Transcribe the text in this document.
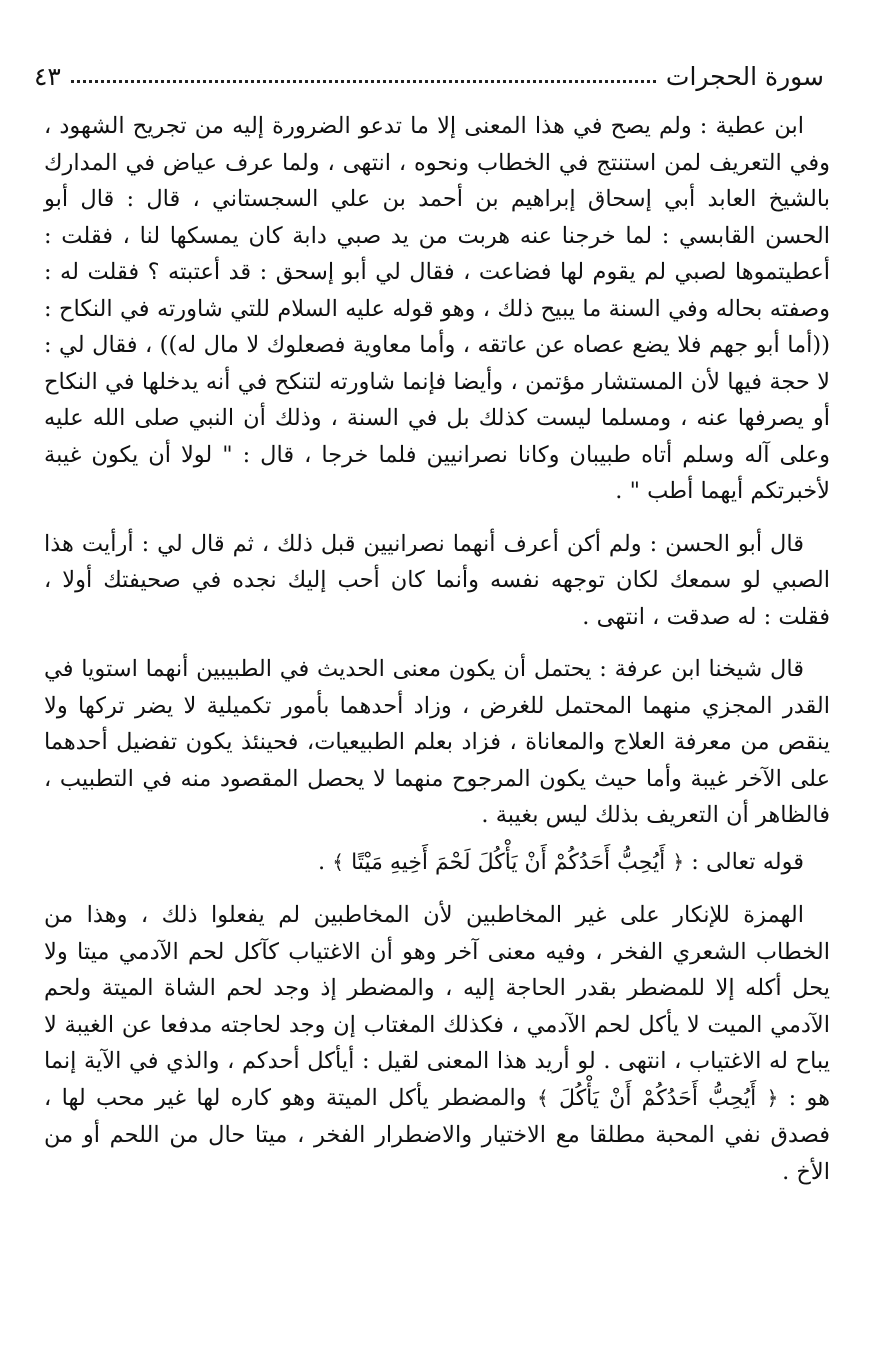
سورة الحجرات
٤٣

ابن عطية : ولم يصح في هذا المعنى إلا ما تدعو الضرورة إليه من تجريح الشهود ، وفي التعريف لمن استنتج في الخطاب ونحوه ، انتهى ، ولما عرف عياض في المدارك بالشيخ العابد أبي إسحاق إبراهيم بن أحمد بن علي السجستاني ، قال : قال أبو الحسن القابسي : لما خرجنا عنه هربت من يد صبي دابة كان يمسكها لنا ، فقلت : أعطيتموها لصبي لم يقوم لها فضاعت ، فقال لي أبو إسحق : قد أعتبته ؟ فقلت له : وصفته بحاله وفي السنة ما يبيح ذلك ، وهو قوله عليه السلام للتي شاورته في النكاح : ((أما أبو جهم فلا يضع عصاه عن عاتقه ، وأما معاوية فصعلوك لا مال له)) ، فقال لي : لا حجة فيها لأن المستشار مؤتمن ، وأيضا فإنما شاورته لتنكح في أنه يدخلها في النكاح أو يصرفها عنه ، ومسلما ليست كذلك بل في السنة ، وذلك أن النبي صلى الله عليه وعلى آله وسلم أتاه طبيبان وكانا نصرانيين فلما خرجا ، قال : " لولا أن يكون غيبة لأخبرتكم أيهما أطب " .

قال أبو الحسن : ولم أكن أعرف أنهما نصرانيين قبل ذلك ، ثم قال لي : أرأيت هذا الصبي لو سمعك لكان توجهه نفسه وأنما كان أحب إليك نجده في صحيفتك أولا ، فقلت : له صدقت ، انتهى .

قال شيخنا ابن عرفة : يحتمل أن يكون معنى الحديث في الطبيبين أنهما استويا في القدر المجزي منهما المحتمل للغرض ، وزاد أحدهما بأمور تكميلية لا يضر تركها ولا ينقص من معرفة العلاج والمعاناة ، فزاد بعلم الطبيعيات، فحينئذ يكون تفضيل أحدهما على الآخر غيبة وأما حيث يكون المرجوح منهما لا يحصل المقصود منه في التطبيب ، فالظاهر أن التعريف بذلك ليس بغيبة .

قوله تعالى : ﴿ أَيُحِبُّ أَحَدُكُمْ أَنْ يَأْكُلَ لَحْمَ أَخِيهِ مَيْتًا ﴾ .

الهمزة للإنكار على غير المخاطبين لأن المخاطبين لم يفعلوا ذلك ، وهذا من الخطاب الشعري الفخر ، وفيه معنى آخر وهو أن الاغتياب كآكل لحم الآدمي ميتا ولا يحل أكله إلا للمضطر بقدر الحاجة إليه ، والمضطر إذ وجد لحم الشاة الميتة ولحم الآدمي الميت لا يأكل لحم الآدمي ، فكذلك المغتاب إن وجد لحاجته مدفعا عن الغيبة لا يباح له الاغتياب ، انتهى . لو أريد هذا المعنى لقيل : أيأكل أحدكم ، والذي في الآية إنما هو : ﴿ أَيُحِبُّ أَحَدُكُمْ أَنْ يَأْكُلَ ﴾ والمضطر يأكل الميتة وهو كاره لها غير محب لها ، فصدق نفي المحبة مطلقا مع الاختيار والاضطرار الفخر ، ميتا حال من اللحم أو من الأخ .
